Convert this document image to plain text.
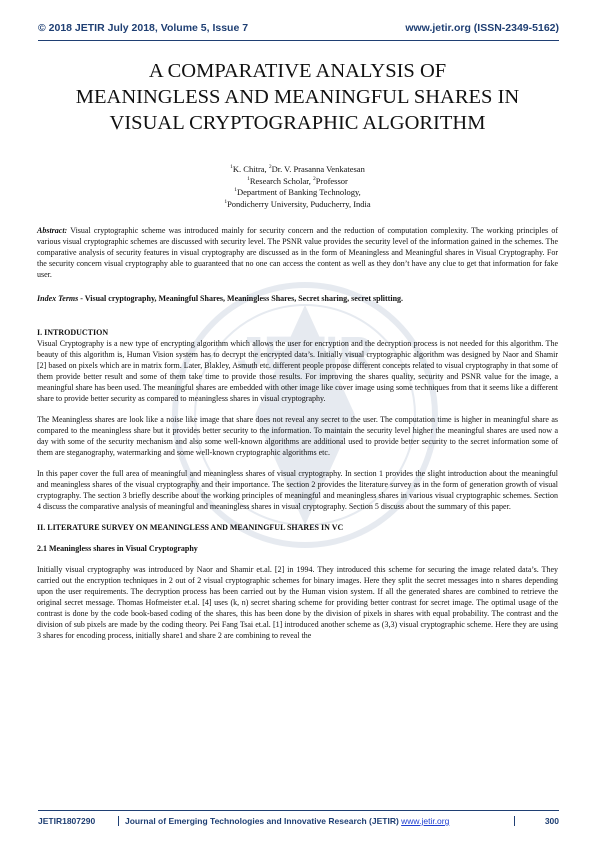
© 2018 JETIR July 2018, Volume 5, Issue 7	www.jetir.org (ISSN-2349-5162)
JETIR
A COMPARATIVE ANALYSIS OF
MEANINGLESS AND MEANINGFUL SHARES IN
VISUAL CRYPTOGRAPHIC ALGORITHM
$^1$K. Chitra, $^2$Dr. V. Prasanna Venkatesan
$^1$Research Scholar, $^2$Professor
$^1$Department of Banking Technology,
$^1$Pondicherry University, Puducherry, India

Abstract: Visual cryptographic scheme was introduced mainly for security concern and the reduction of computation complexity. The working principles of various visual cryptographic schemes are discussed with security level. The PSNR value provides the security level of the information gained in the schemes. The comparative analysis of security features in visual cryptography are discussed as in the form of Meaningless and Meaningful shares in Visual Cryptography. For the security concern visual cryptography able to guaranteed that no one can access the content as well as they don’t have any clue to get that information for fake user.

Index Terms - Visual cryptography, Meaningful Shares, Meaningless Shares, Secret sharing, secret splitting.

I. INTRODUCTION

Visual Cryptography is a new type of encrypting algorithm which allows the user for encryption and the decryption process is not needed for this algorithm. The beauty of this algorithm is, Human Vision system has to decrypt the encrypted data’s. Initially visual cryptographic algorithm was designed by Naor and Shamir [2] based on pixels which are in matrix form. Later, Blakley, Asmuth etc. different people propose different concepts related to visual cryptography in that some of them provide better result and some of them take time to provide those results. For improving the shares quality, security and PSNR value for the image, a meaningful share has been used. The meaningful shares are embedded with other image like cover image using some techniques from that it seems like a different share to provide better security as compared to meaningless shares in visual cryptography.

The Meaningless shares are look like a noise like image that share does not reveal any secret to the user. The computation time is higher in meaningful share as compared to the meaningless share but it provides better security to the information. To maintain the security level higher the meaningful shares are used now a day with some of the security mechanism and also some well-known algorithms are additional used to provide better security to the secret information some of them are steganography, watermarking and some well-known cryptographic algorithms etc.

In this paper cover the full area of meaningful and meaningless shares of visual cryptography. In section 1 provides the slight introduction about the meaningful and meaningless shares of the visual cryptography and their importance. The section 2 provides the literature survey as in the form of generation growth of visual cryptography. The section 3 briefly describe about the working principles of meaningful and meaningless shares in various visual cryptographic schemes. Section 4 discuss the comparative analysis of meaningful and meaningless shares in visual cryptography. Section 5 discuss about the summary of this paper.

II. LITERATURE SURVEY ON MEANINGLESS AND MEANINGFUL SHARES IN VC

2.1 Meaningless shares in Visual Cryptography

Initially visual cryptography was introduced by Naor and Shamir et.al. [2] in 1994. They introduced this scheme for securing the image related data’s. They carried out the encryption techniques in 2 out of 2 visual cryptographic schemes for binary images. Here they split the secret messages into n shares depending upon the user requirements. The decryption process has been carried out by the Human vision system. If all the generated shares are combined to retrieve the original secret message. Thomas Hofmeister et.al. [4] uses (k, n) secret sharing scheme for providing better contrast for secret image. The optimal usage of the contrast is done by the code book-based coding of the shares, this has been done by the division of pixels in shares with equal probability. The contrast and the division of sub pixels are made by the coding theory. Pei Fang Tsai et.al. [1] introduced another scheme as (3,3) visual cryptographic scheme. Here they are using 3 shares for encoding process, initially share1 and share 2 are combining to reveal the

JETIR1807290	Journal of Emerging Technologies and Innovative Research (JETIR) www.jetir.org	300
